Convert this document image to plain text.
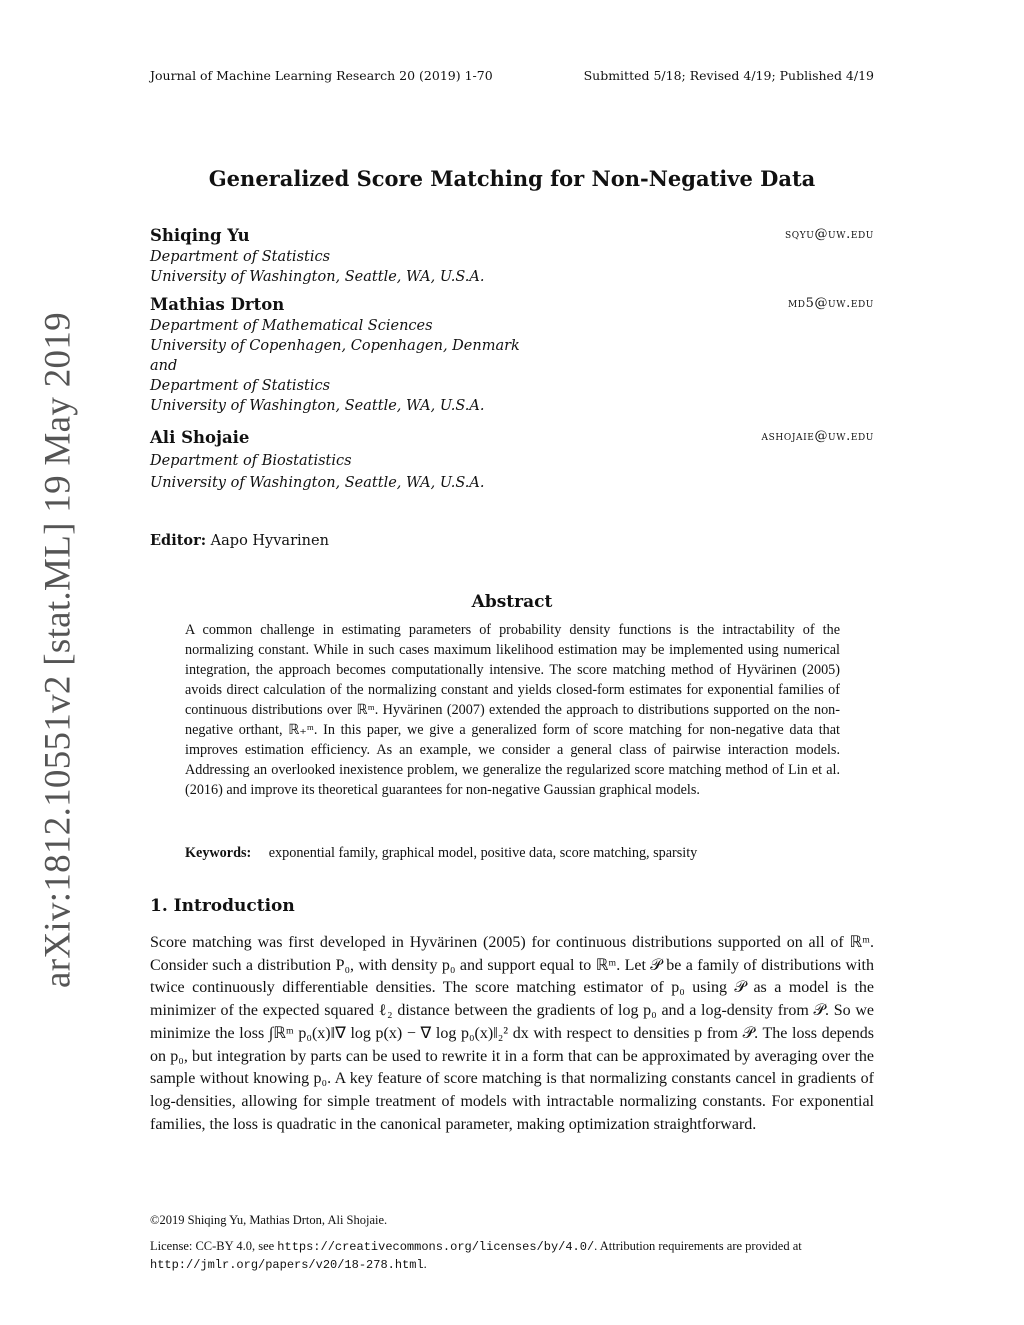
Journal of Machine Learning Research 20 (2019) 1-70	Submitted 5/18; Revised 4/19; Published 4/19
arXiv:1812.10551v2 [stat.ML] 19 May 2019
Generalized Score Matching for Non-Negative Data
Shiqing Yu	sqyu@uw.edu
Department of Statistics
University of Washington, Seattle, WA, U.S.A.
Mathias Drton	md5@uw.edu
Department of Mathematical Sciences
University of Copenhagen, Copenhagen, Denmark
and
Department of Statistics
University of Washington, Seattle, WA, U.S.A.
Ali Shojaie	ashojaie@uw.edu
Department of Biostatistics
University of Washington, Seattle, WA, U.S.A.
Editor: Aapo Hyvarinen
Abstract
A common challenge in estimating parameters of probability density functions is the intractability of the normalizing constant. While in such cases maximum likelihood estimation may be implemented using numerical integration, the approach becomes computationally intensive. The score matching method of Hyvärinen (2005) avoids direct calculation of the normalizing constant and yields closed-form estimates for exponential families of continuous distributions over ℝᵐ. Hyvärinen (2007) extended the approach to distributions supported on the non-negative orthant, ℝ₊ᵐ. In this paper, we give a generalized form of score matching for non-negative data that improves estimation efficiency. As an example, we consider a general class of pairwise interaction models. Addressing an overlooked inexistence problem, we generalize the regularized score matching method of Lin et al. (2016) and improve its theoretical guarantees for non-negative Gaussian graphical models.
Keywords: exponential family, graphical model, positive data, score matching, sparsity
1. Introduction
Score matching was first developed in Hyvärinen (2005) for continuous distributions supported on all of ℝᵐ. Consider such a distribution P₀, with density p₀ and support equal to ℝᵐ. Let 𝒫 be a family of distributions with twice continuously differentiable densities. The score matching estimator of p₀ using 𝒫 as a model is the minimizer of the expected squared ℓ₂ distance between the gradients of log p₀ and a log-density from 𝒫. So we minimize the loss ∫ℝᵐ p₀(x)‖∇ log p(x) − ∇ log p₀(x)‖₂² dx with respect to densities p from 𝒫. The loss depends on p₀, but integration by parts can be used to rewrite it in a form that can be approximated by averaging over the sample without knowing p₀. A key feature of score matching is that normalizing constants cancel in gradients of log-densities, allowing for simple treatment of models with intractable normalizing constants. For exponential families, the loss is quadratic in the canonical parameter, making optimization straightforward.
©2019 Shiqing Yu, Mathias Drton, Ali Shojaie.
License: CC-BY 4.0, see https://creativecommons.org/licenses/by/4.0/. Attribution requirements are provided at http://jmlr.org/papers/v20/18-278.html.
